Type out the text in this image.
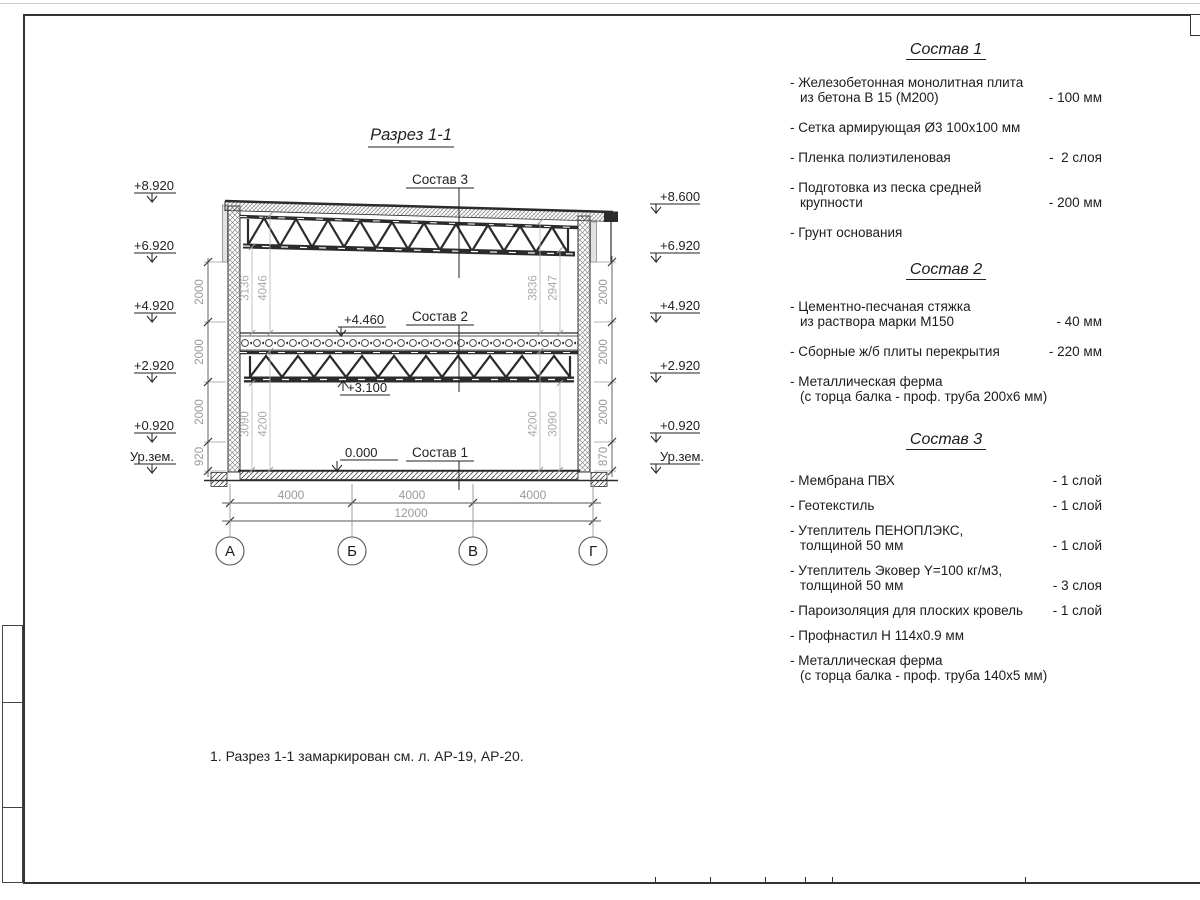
Разрез 1-1
3136 4046
3090 4200
3836 2947
4200 3090
2000
2000
2000
920
2000
2000
2000
870
+8.920
+6.920
+4.920
+2.920
+0.920
Ур.зем.
+8.600
+6.920
+4.920
+2.920
+0.920
Ур.зем.
+4.460
+3.100
0.000
Состав 3
Состав 2
Состав 1
4000	4000	4000
12000
А	Б	В	Г
1. Разрез 1-1 замаркирован см. л. АР-19, АР-20.
Состав 1
- Железобетонная монолитная плита
из бетона В 15 (М200)	- 100 мм
- Сетка армирующая Ø3 100х100 мм
- Пленка полиэтиленовая	-  2 слоя
- Подготовка из песка средней
крупности	- 200 мм
- Грунт основания
Состав 2
- Цементно-песчаная стяжка
из раствора марки М150	- 40 мм
- Сборные ж/б плиты перекрытия	- 220 мм
- Металлическая ферма
(с торца балка - проф. труба 200х6 мм)
Состав 3
- Мембрана ПВХ	- 1 слой
- Геотекстиль	- 1 слой
- Утеплитель ПЕНОПЛЭКС,
толщиной 50 мм	- 1 слой
- Утеплитель Эковер Y=100 кг/м3,
толщиной 50 мм	- 3 слоя
- Пароизоляция для плоских кровель	- 1 слой
- Профнастил Н 114х0.9 мм
- Металлическая ферма
(с торца балка - проф. труба 140х5 мм)
